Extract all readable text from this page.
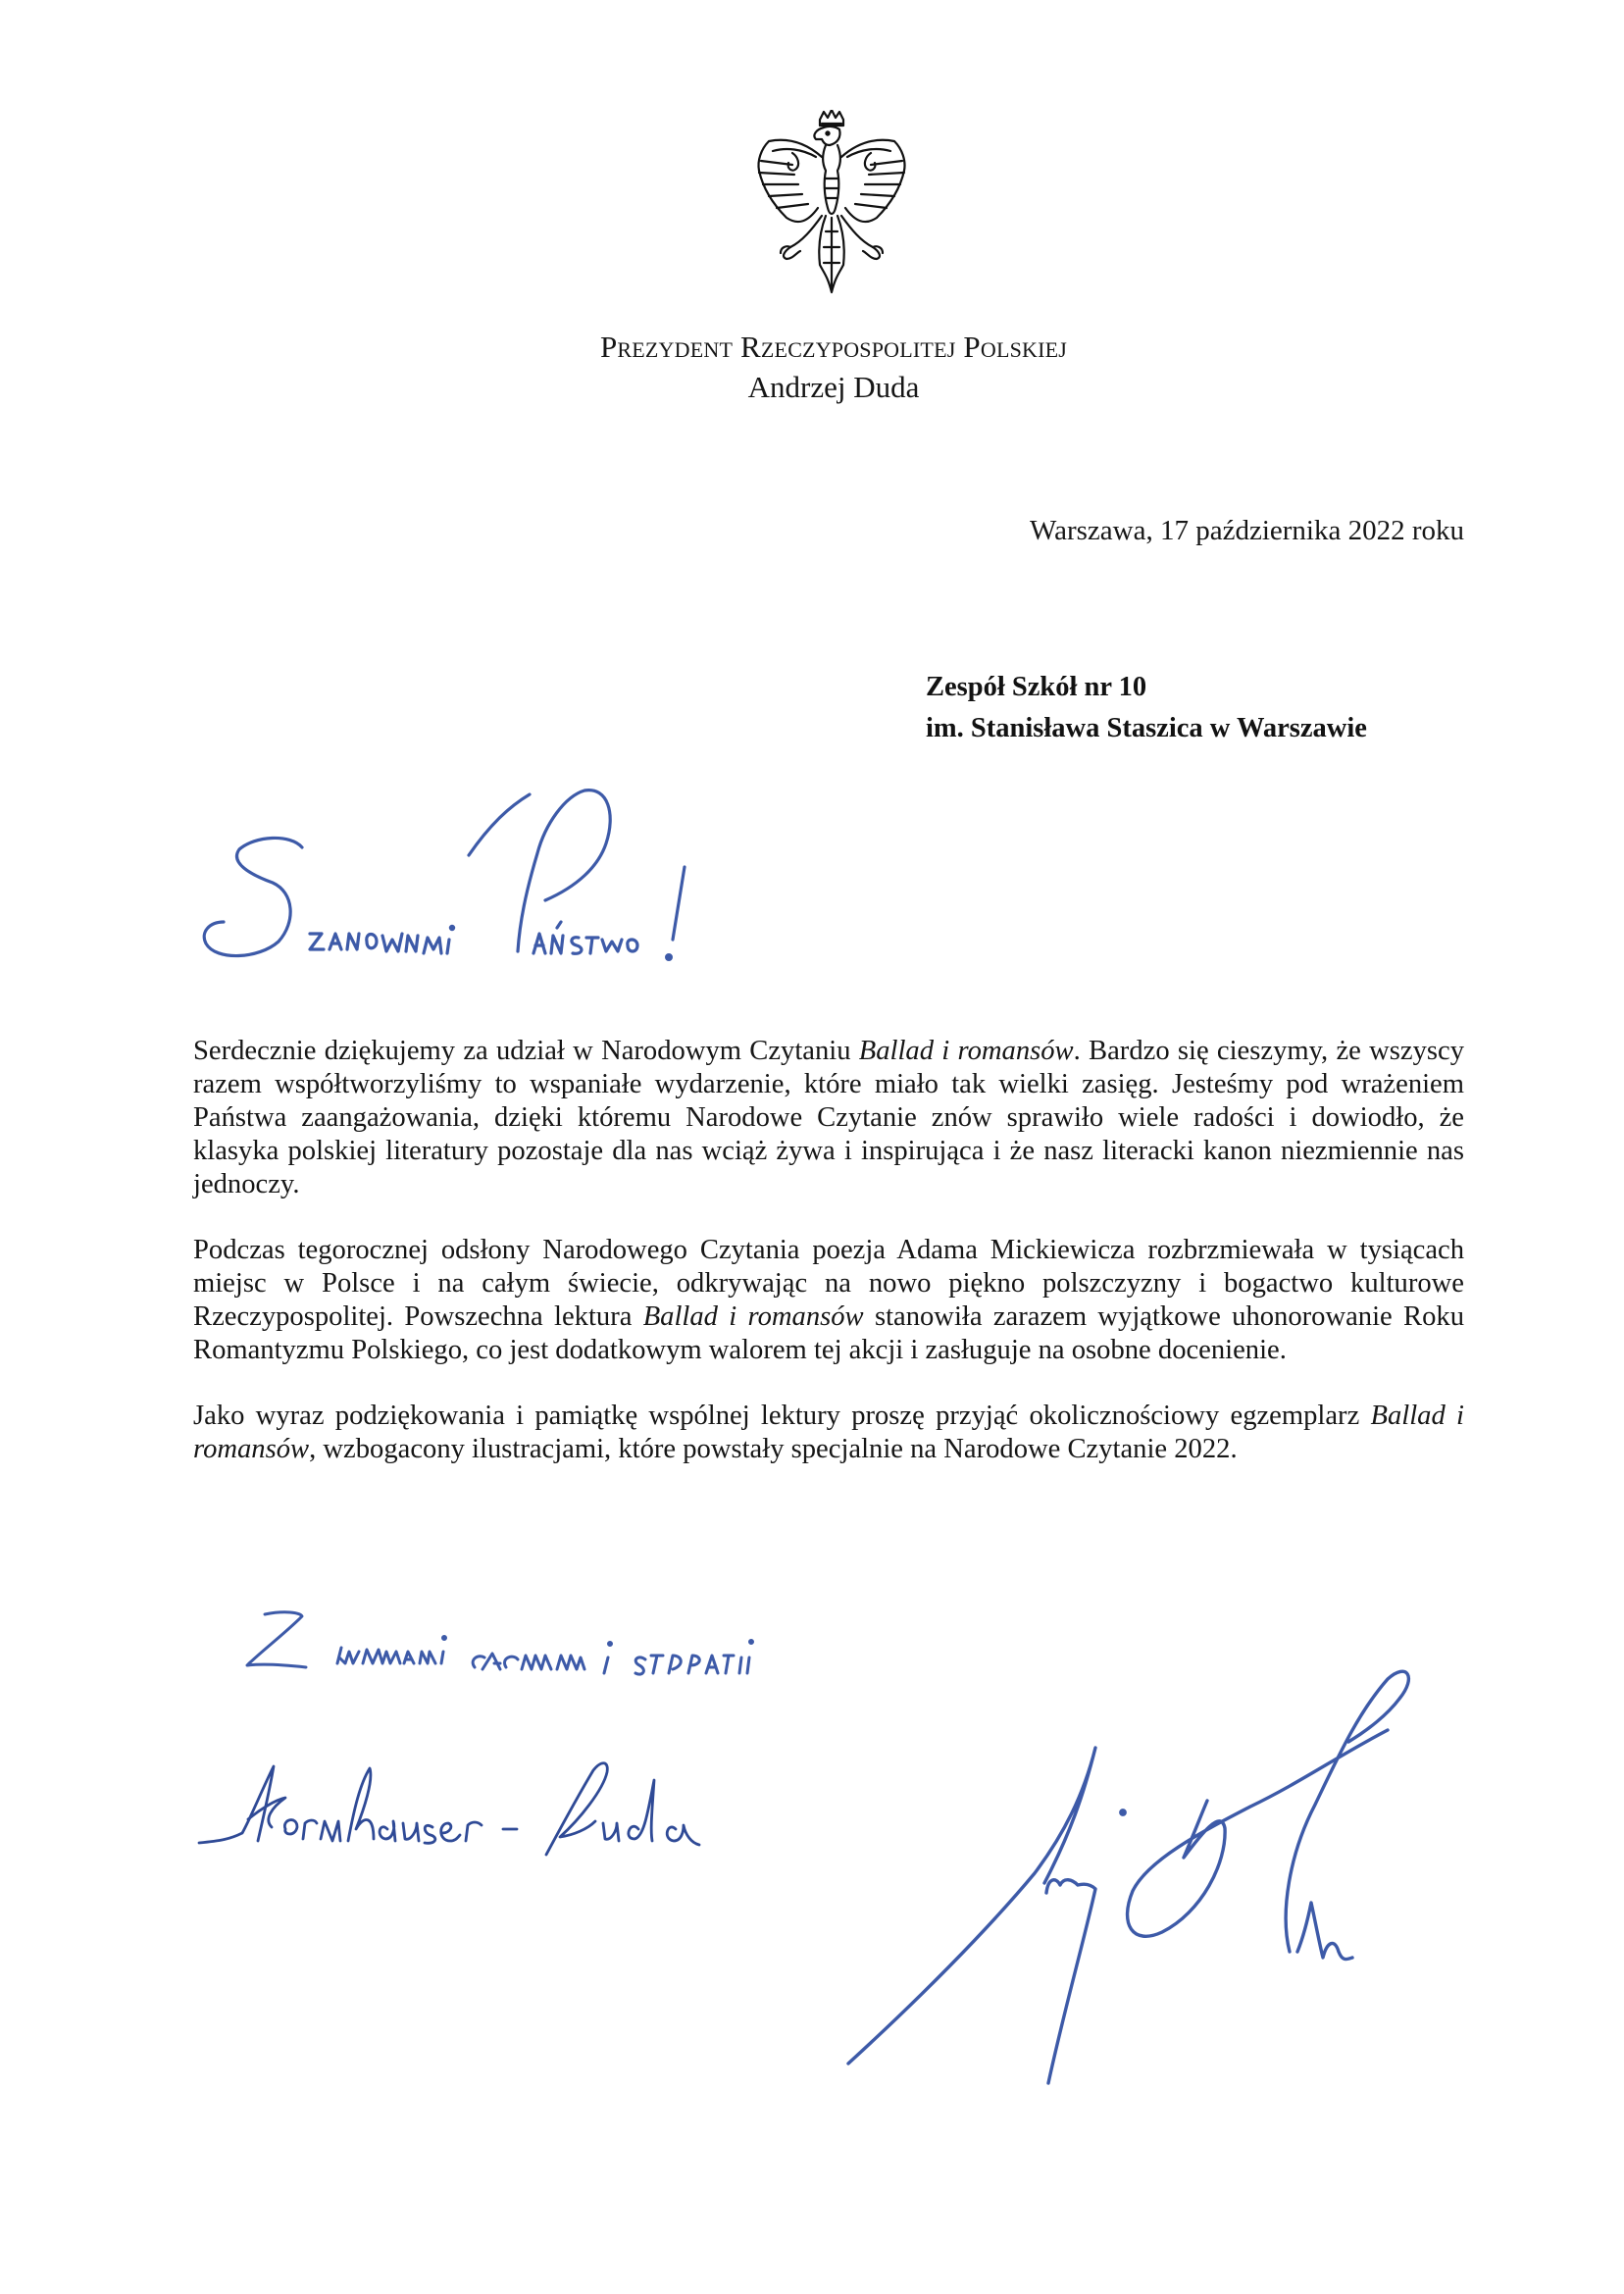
Prezydent Rzeczypospolitej Polskiej
Andrzej Duda
Warszawa, 17 października 2022 roku
Zespół Szkół nr 10
im. Stanisława Staszica w Warszawie

Serdecznie dziękujemy za udział w Narodowym Czytaniu Ballad i romansów. Bardzo się cieszymy, że wszyscy razem współtworzyliśmy to wspaniałe wydarzenie, które miało tak wielki zasięg. Jesteśmy pod wrażeniem Państwa zaangażowania, dzięki któremu Narodowe Czytanie znów sprawiło wiele radości i dowiodło, że klasyka polskiej literatury pozostaje dla nas wciąż żywa i inspirująca i że nasz literacki kanon niezmiennie nas jednoczy.

Podczas tegorocznej odsłony Narodowego Czytania poezja Adama Mickiewicza rozbrzmiewała w tysiącach miejsc w Polsce i na całym świecie, odkrywając na nowo piękno polszczyzny i bogactwo kulturowe Rzeczypospolitej. Powszechna lektura Ballad i romansów stanowiła zarazem wyjątkowe uhonorowanie Roku Romantyzmu Polskiego, co jest dodatkowym walorem tej akcji i zasługuje na osobne docenienie.

Jako wyraz podziękowania i pamiątkę wspólnej lektury proszę przyjąć okolicznościowy egzemplarz Ballad i romansów, wzbogacony ilustracjami, które powstały specjalnie na Narodowe Czytanie 2022.
